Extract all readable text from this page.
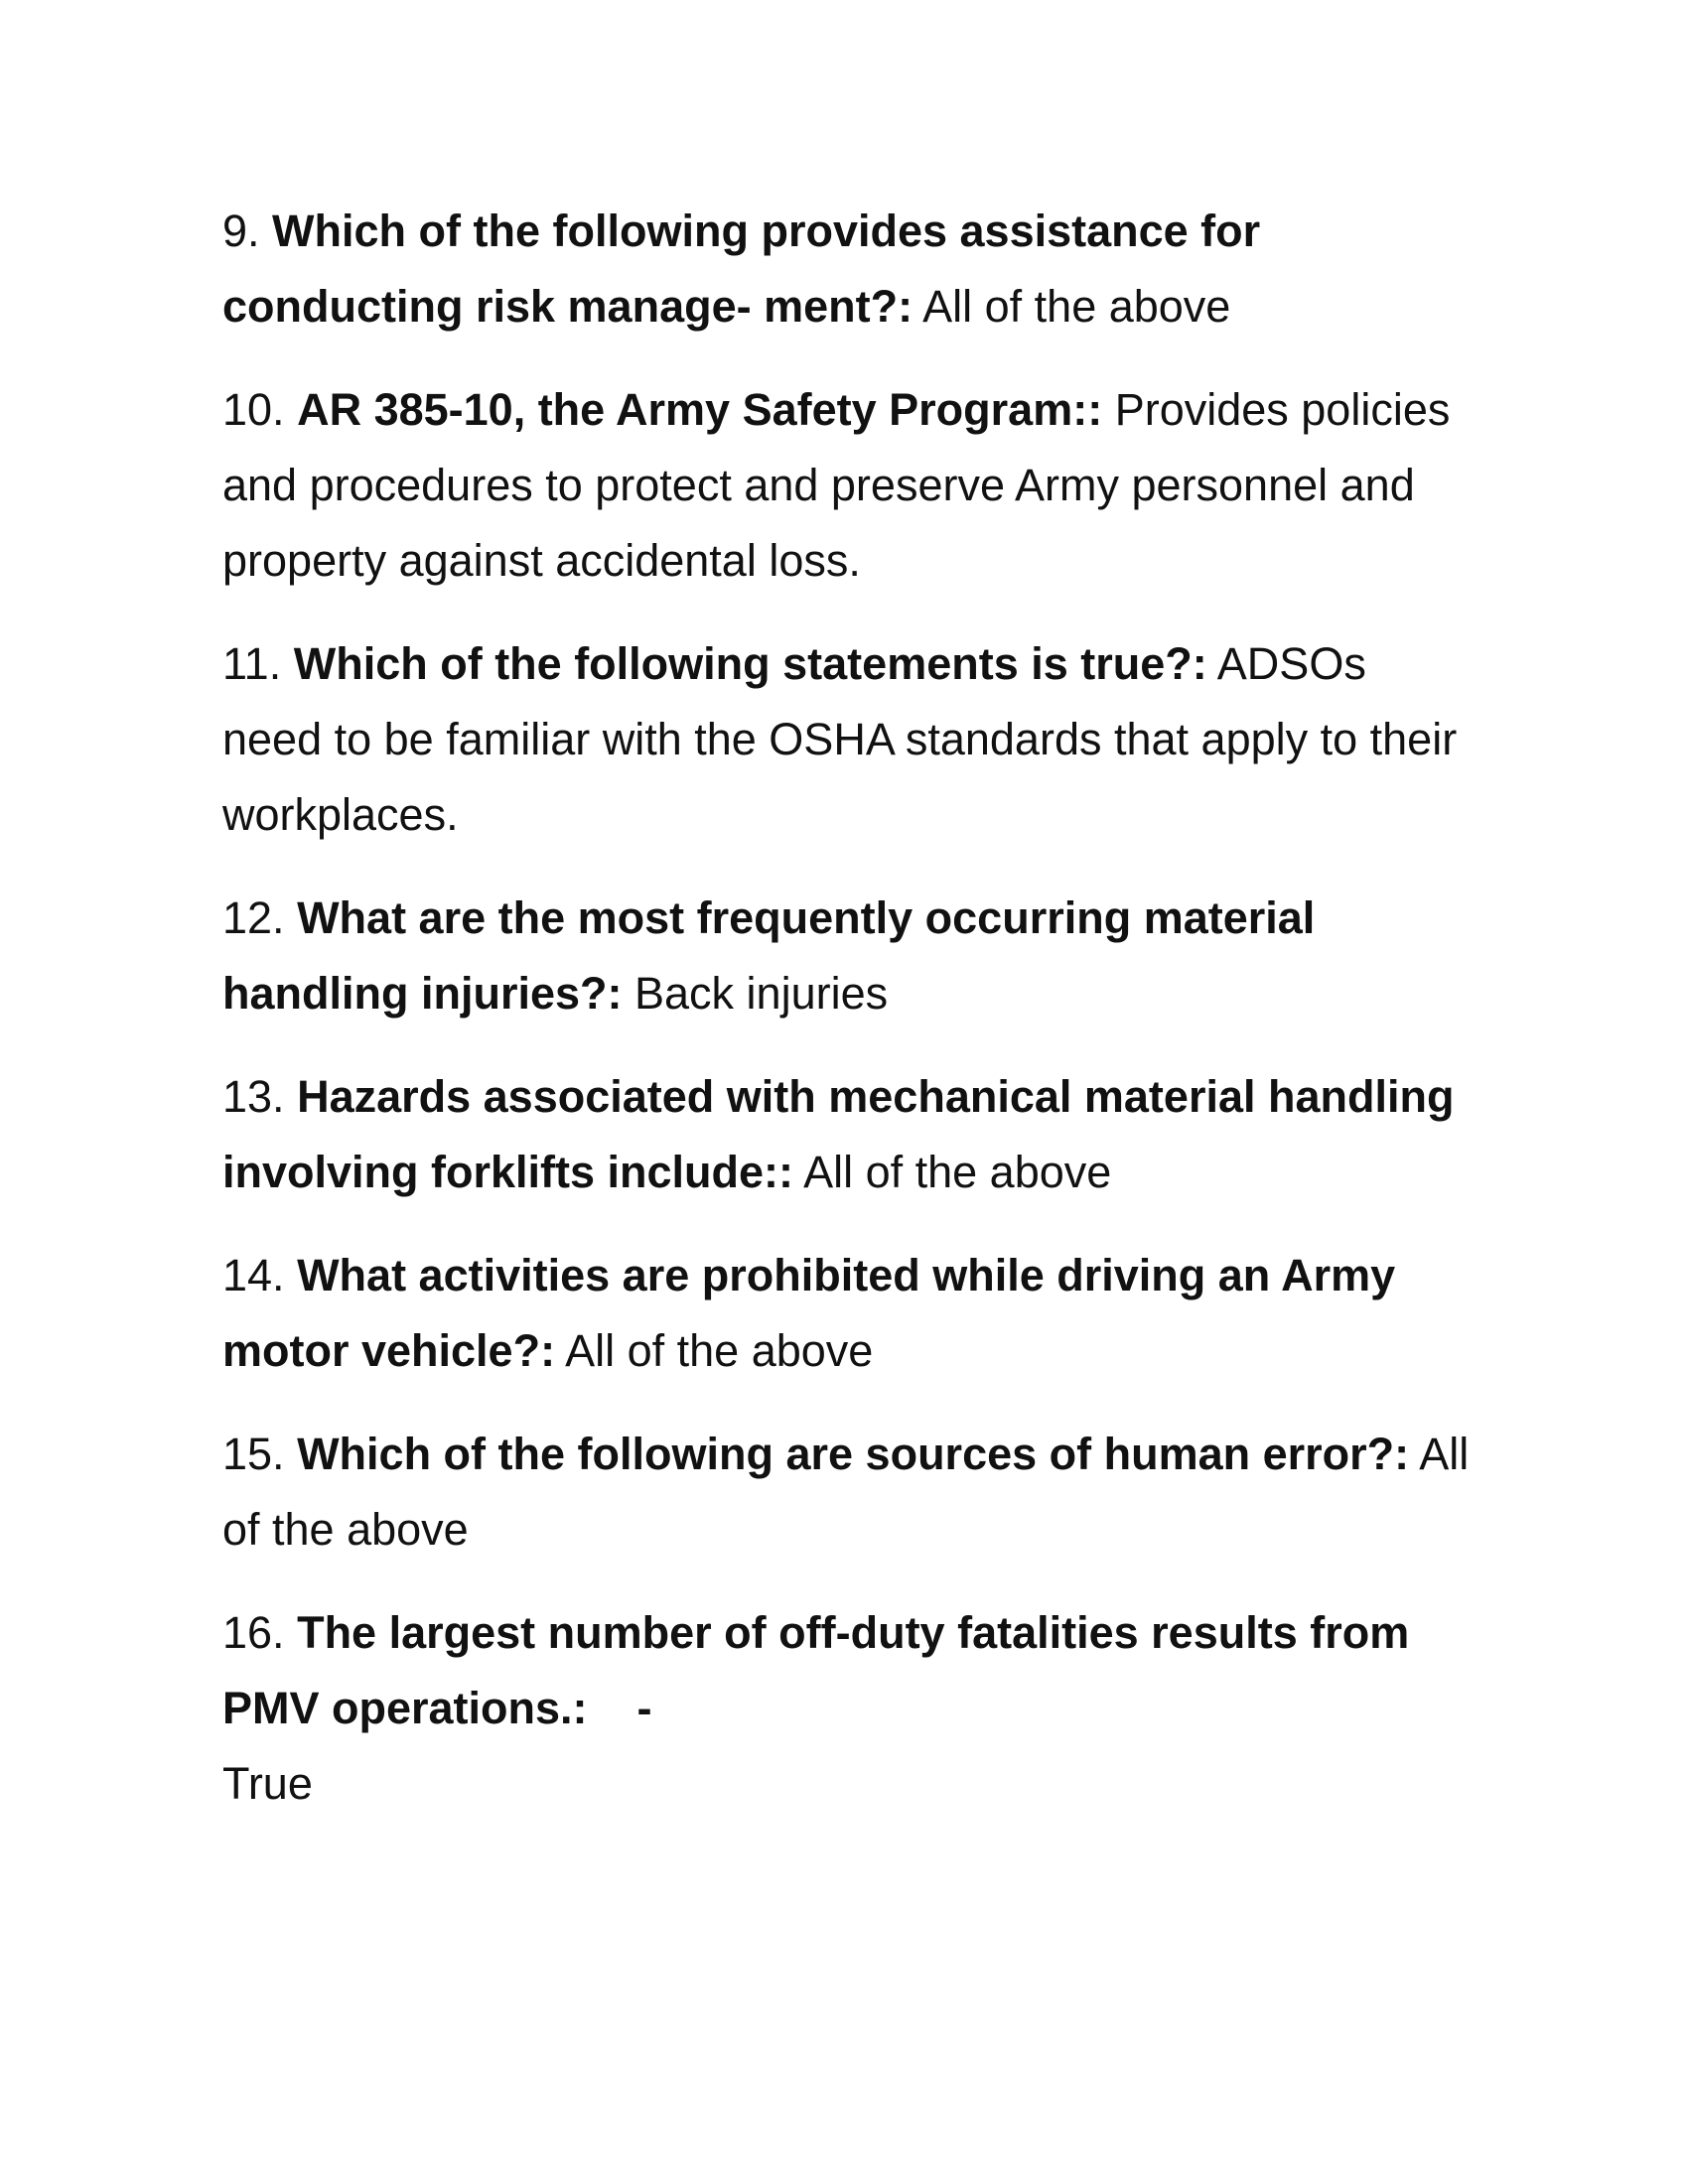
9. Which of the following provides assistance for conducting risk manage- ment?: All of the above

10. AR 385-10, the Army Safety Program:: Provides policies and procedures to protect and preserve Army personnel and property against accidental loss.

11. Which of the following statements is true?: ADSOs need to be familiar with the OSHA standards that apply to their workplaces.

12. What are the most frequently occurring material handling injuries?: Back injuries

13. Hazards associated with mechanical material handling involving forklifts include:: All of the above

14. What activities are prohibited while driving an Army motor vehicle?: All of the above

15. Which of the following are sources of human error?: All of the above

16. The largest number of off-duty fatalities results from PMV operations.:    -
True
